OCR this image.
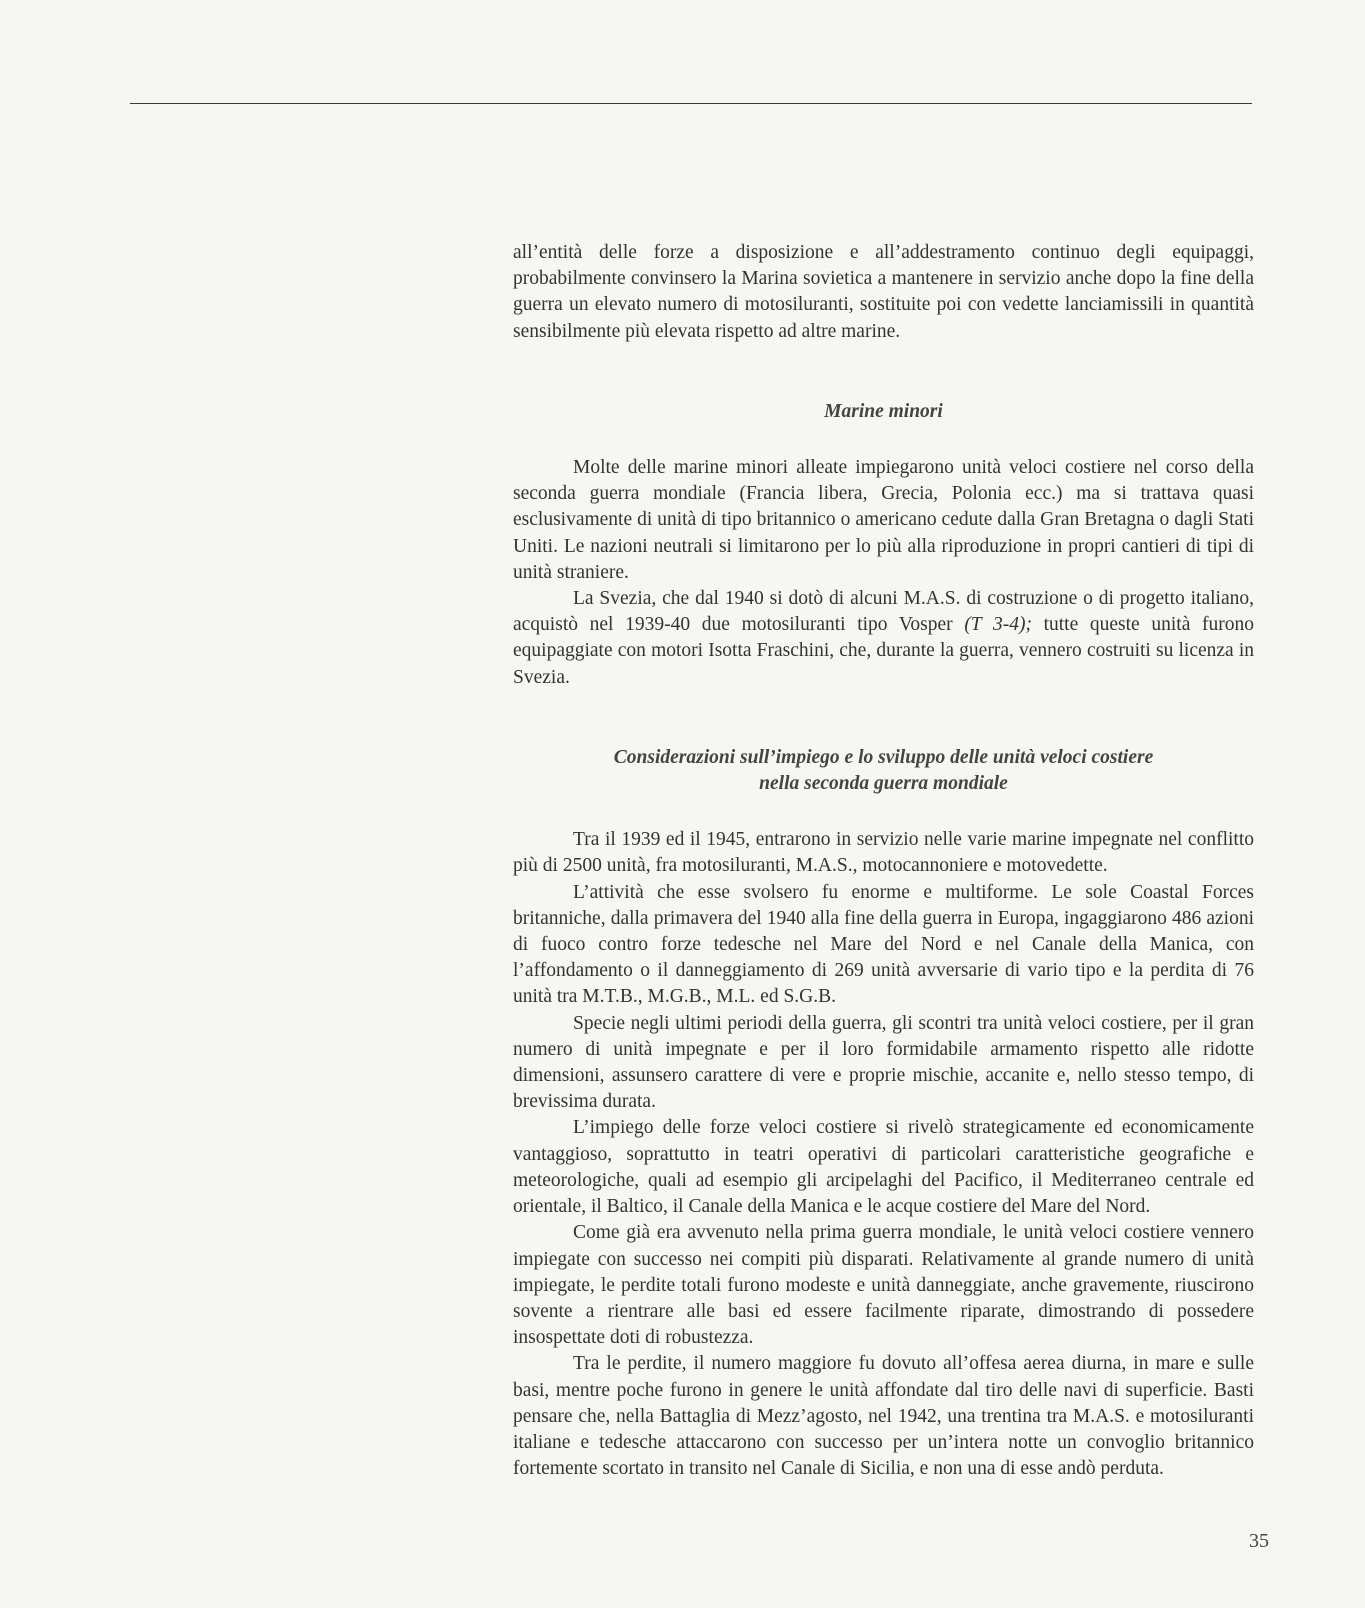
all’entità delle forze a disposizione e all’addestramento continuo degli equipaggi, probabilmente convinsero la Marina sovietica a mantenere in servizio anche dopo la fine della guerra un elevato numero di motosiluranti, sostituite poi con vedette lanciamissili in quantità sensibilmente più elevata rispetto ad altre marine.

Marine minori

Molte delle marine minori alleate impiegarono unità veloci costiere nel corso della seconda guerra mondiale (Francia libera, Grecia, Polonia ecc.) ma si trattava quasi esclusivamente di unità di tipo britannico o americano cedute dalla Gran Bretagna o dagli Stati Uniti. Le nazioni neutrali si limitarono per lo più alla riproduzione in propri cantieri di tipi di unità straniere.

La Svezia, che dal 1940 si dotò di alcuni M.A.S. di costruzione o di progetto italiano, acquistò nel 1939-40 due motosiluranti tipo Vosper (T 3-4); tutte queste unità furono equipaggiate con motori Isotta Fraschini, che, durante la guerra, vennero costruiti su licenza in Svezia.

Considerazioni sull’impiego e lo sviluppo delle unità veloci costiere
nella seconda guerra mondiale

Tra il 1939 ed il 1945, entrarono in servizio nelle varie marine impegnate nel conflitto più di 2500 unità, fra motosiluranti, M.A.S., motocannoniere e motovedette.

L’attività che esse svolsero fu enorme e multiforme. Le sole Coastal Forces britanniche, dalla primavera del 1940 alla fine della guerra in Europa, ingaggiarono 486 azioni di fuoco contro forze tedesche nel Mare del Nord e nel Canale della Manica, con l’affondamento o il danneggiamento di 269 unità avversarie di vario tipo e la perdita di 76 unità tra M.T.B., M.G.B., M.L. ed S.G.B.

Specie negli ultimi periodi della guerra, gli scontri tra unità veloci costiere, per il gran numero di unità impegnate e per il loro formidabile armamento rispetto alle ridotte dimensioni, assunsero carattere di vere e proprie mischie, accanite e, nello stesso tempo, di brevissima durata.

L’impiego delle forze veloci costiere si rivelò strategicamente ed economicamente vantaggioso, soprattutto in teatri operativi di particolari caratteristiche geografiche e meteorologiche, quali ad esempio gli arcipelaghi del Pacifico, il Mediterraneo centrale ed orientale, il Baltico, il Canale della Manica e le acque costiere del Mare del Nord.

Come già era avvenuto nella prima guerra mondiale, le unità veloci costiere vennero impiegate con successo nei compiti più disparati. Relativamente al grande numero di unità impiegate, le perdite totali furono modeste e unità danneggiate, anche gravemente, riuscirono sovente a rientrare alle basi ed essere facilmente riparate, dimostrando di possedere insospettate doti di robustezza.

Tra le perdite, il numero maggiore fu dovuto all’offesa aerea diurna, in mare e sulle basi, mentre poche furono in genere le unità affondate dal tiro delle navi di superficie. Basti pensare che, nella Battaglia di Mezz’agosto, nel 1942, una trentina tra M.A.S. e motosiluranti italiane e tedesche attaccarono con successo per un’intera notte un convoglio britannico fortemente scortato in transito nel Canale di Sicilia, e non una di esse andò perduta.

35
